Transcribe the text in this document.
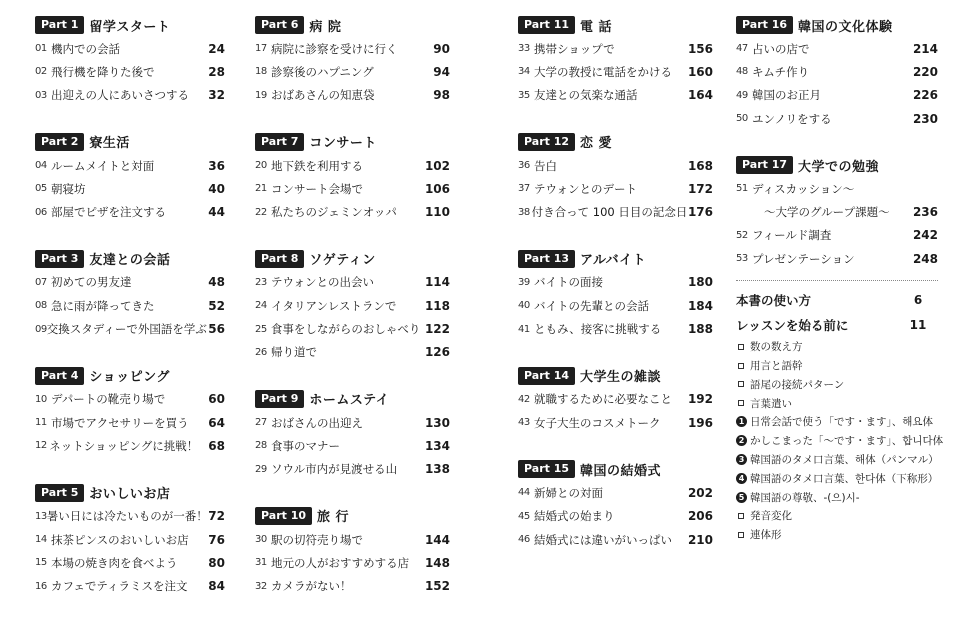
Part 1 留学スタート
01 機内での会話	24
02 飛行機を降りた後で	28
03 出迎えの人にあいさつする	32
Part 2 寮生活
04 ルームメイトと対面	36
05 朝寝坊	40
06 部屋でピザを注文する	44
Part 3 友達との会話
07 初めての男友達	48
08 急に雨が降ってきた	52
09 交換スタディーで外国語を学ぶ 56
Part 4 ショッピング
10 デパートの靴売り場で	60
11 市場でアクセサリーを買う	64
12 ネットショッピングに挑戦！ 68
Part 5 おいしいお店
13 暑い日には冷たいものが一番！ 72
14 抹茶ピンスのおいしいお店	76
15 本場の焼き肉を食べよう	80
16 カフェでティラミスを注文	84
Part 6 病 院
17 病院に診察を受けに行く	90
18 診察後のハプニング	94
19 おばあさんの知恵袋	98
Part 7 コンサート
20 地下鉄を利用する	102
21 コンサート会場で	106
22 私たちのジェミンオッパ	110
Part 8 ソゲティン
23 テウォンとの出会い	114
24 イタリアンレストランで	118
25 食事をしながらのおしゃべり 122
26 帰り道で	126
Part 9 ホームステイ
27 おばさんの出迎え	130
28 食事のマナー	134
29 ソウル市内が見渡せる山	138
Part 10 旅 行
30 駅の切符売り場で	144
31 地元の人がおすすめする店	148
32 カメラがない！	152
Part 11 電 話
33 携帯ショップで	156
34 大学の教授に電話をかける	160
35 友達との気楽な通話	164
Part 12 恋 愛
36 告白	168
37 テウォンとのデート	172
38 付き合って 100 日目の記念日 176
Part 13 アルバイト
39 バイトの面接	180
40 バイトの先輩との会話	184
41 ともみ、接客に挑戦する	188
Part 14 大学生の雑談
42 就職するために必要なこと	192
43 女子大生のコスメトーク	196
Part 15 韓国の結婚式
44 新婦との対面	202
45 結婚式の始まり	206
46 結婚式には違いがいっぱい	210
Part 16 韓国の文化体験
47 占いの店で	214
48 キムチ作り	220
49 韓国のお正月	226
50 ユンノリをする	230
Part 17 大学での勉強
51 ディスカッション〜
〜大学のグループ課題〜	236
52 フィールド調査	242
53 プレゼンテーション	248
本書の使い方	6
レッスンを始る前に	11
数の数え方
用言と語幹
語尾の接続パターン
言葉遣い
1 日常会話で使う「です・ます」、해요体
2 かしこまった「〜です・ます」、합니다体
3 韓国語のタメ口言葉、해体（パンマル）
4 韓国語のタメ口言葉、한다体（下称形）
5 韓国語の尊敬、-(으)시-
発音変化
連体形
